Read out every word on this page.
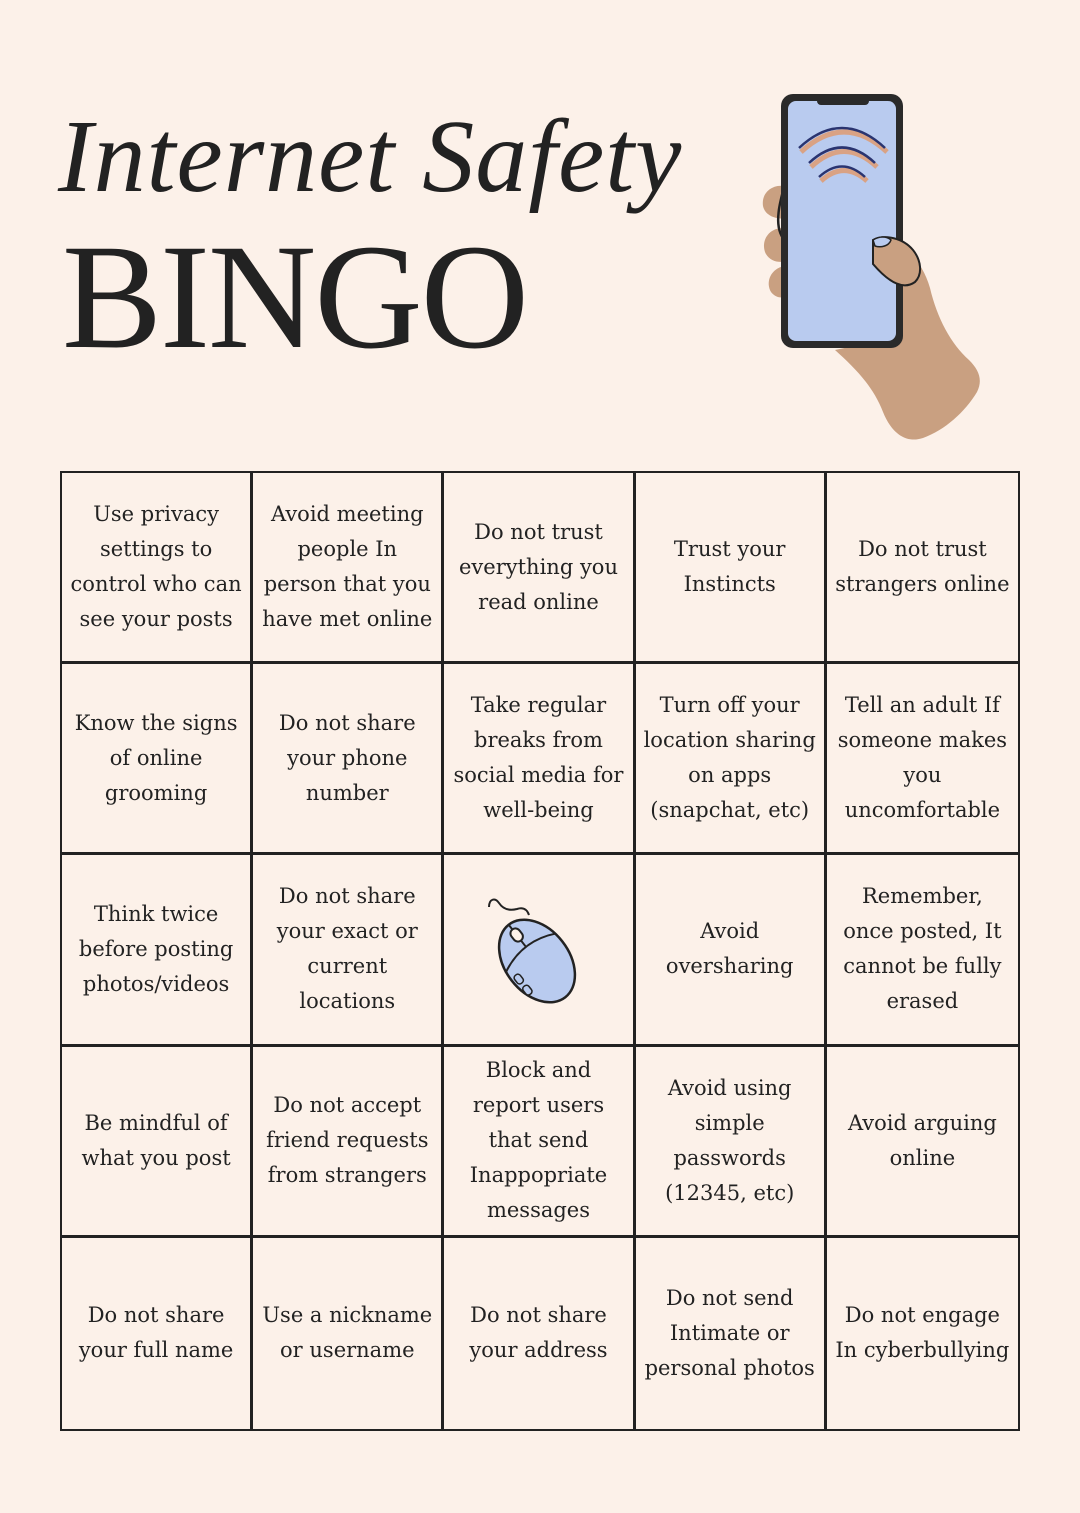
Internet Safety
BINGO
Use privacy settings to control who can see your posts
Avoid meeting people In person that you have met online
Do not trust everything you read online
Trust your Instincts
Do not trust strangers online
Know the signs of online grooming
Do not share your phone number
Take regular breaks from social media for well-being
Turn off your location sharing on apps (snapchat, etc)
Tell an adult If someone makes you uncomfortable
Think twice before posting photos/videos
Do not share your exact or current locations
Avoid oversharing
Remember, once posted, It cannot be fully erased
Be mindful of what you post
Do not accept friend requests from strangers
Block and report users that send Inappopriate messages
Avoid using simple passwords (12345, etc)
Avoid arguing online
Do not share your full name
Use a nickname or username
Do not share your address
Do not send Intimate or personal photos
Do not engage In cyberbullying
